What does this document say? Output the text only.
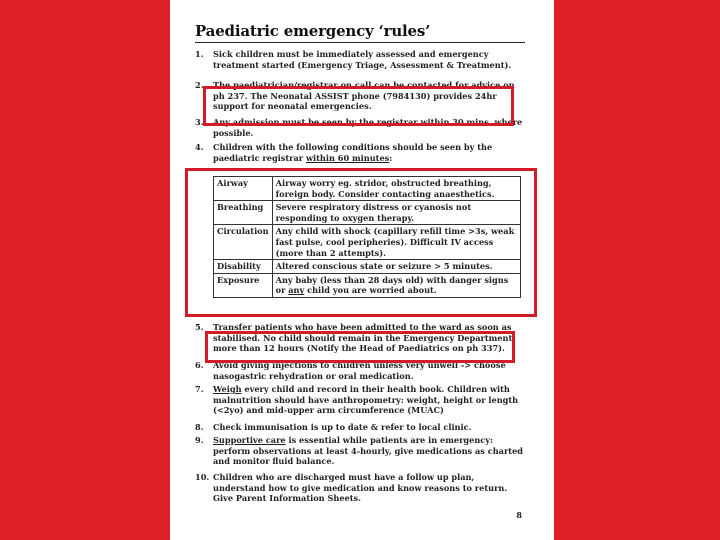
Paediatric emergency ‘rules’
1. Sick children must be immediately assessed and emergency treatment started (Emergency Triage, Assessment & Treatment).
2. The paediatrician/registrar on call can be contacted for advice on ph 237. The Neonatal ASSIST phone (7984130) provides 24hr support for neonatal emergencies.
3. Any admission must be seen by the registrar within 30 mins, where possible.
4. Children with the following conditions should be seen by the paediatric registrar within 60 minutes:
Airway	Airway worry eg. stridor, obstructed breathing, foreign body. Consider contacting anaesthetics.
Breathing	Severe respiratory distress or cyanosis not responding to oxygen therapy.
Circulation	Any child with shock (capillary refill time >3s, weak fast pulse, cool peripheries). Difficult IV access (more than 2 attempts).
Disability	Altered conscious state or seizure > 5 minutes.
Exposure	Any baby (less than 28 days old) with danger signs or any child you are worried about.
5. Transfer patients who have been admitted to the ward as soon as stabilised. No child should remain in the Emergency Department more than 12 hours (Notify the Head of Paediatrics on ph 337).
6. Avoid giving injections to children unless very unwell -> choose nasogastric rehydration or oral medication.
7. Weigh every child and record in their health book. Children with malnutrition should have anthropometry: weight, height or length (<2yo) and mid-upper arm circumference (MUAC)
8. Check immunisation is up to date & refer to local clinic.
9. Supportive care is essential while patients are in emergency: perform observations at least 4-hourly, give medications as charted and monitor fluid balance.
10. Children who are discharged must have a follow up plan, understand how to give medication and know reasons to return. Give Parent Information Sheets.
8
